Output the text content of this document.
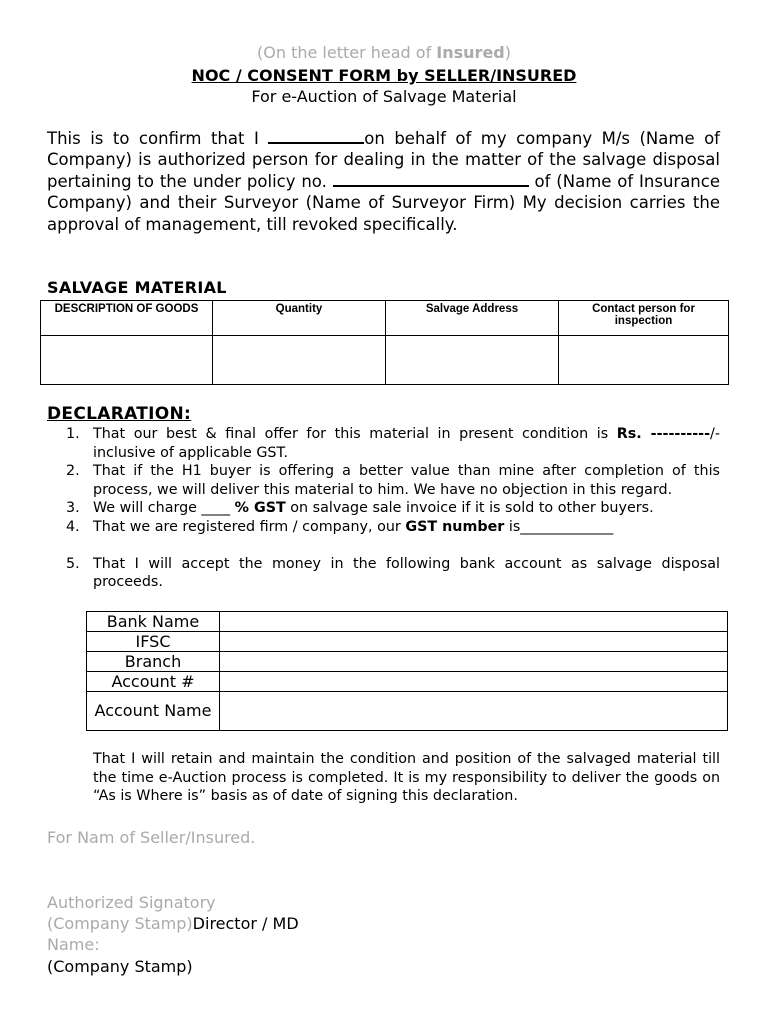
(On the letter head of Insured)
NOC / CONSENT FORM by SELLER/INSURED
For e-Auction of Salvage Material
This is to confirm that I	on behalf of my company M/s (Name of Company) is authorized person for dealing in the matter of the salvage disposal pertaining to the under policy no.	of (Name of Insurance Company) and their Surveyor (Name of Surveyor Firm) My decision carries the approval of management, till revoked specifically.
SALVAGE MATERIAL
DESCRIPTION OF GOODS	Quantity	Salvage Address	Contact person for inspection

DECLARATION:
1. That our best & final offer for this material in present condition is Rs. ----------/- inclusive of applicable GST.
2. That if the H1 buyer is offering a better value than mine after completion of this process, we will deliver this material to him. We have no objection in this regard.
3. We will charge ____ % GST on salvage sale invoice if it is sold to other buyers.
4. That we are registered firm / company, our GST number is_____________
5. That I will accept the money in the following bank account as salvage disposal proceeds.
Bank Name	
IFSC	
Branch	
Account #	
Account Name	
That I will retain and maintain the condition and position of the salvaged material till the time e-Auction process is completed. It is my responsibility to deliver the goods on “As is Where is” basis as of date of signing this declaration.
For Nam of Seller/Insured.
Authorized Signatory
(Company Stamp)Director / MD
Name:
(Company Stamp)
